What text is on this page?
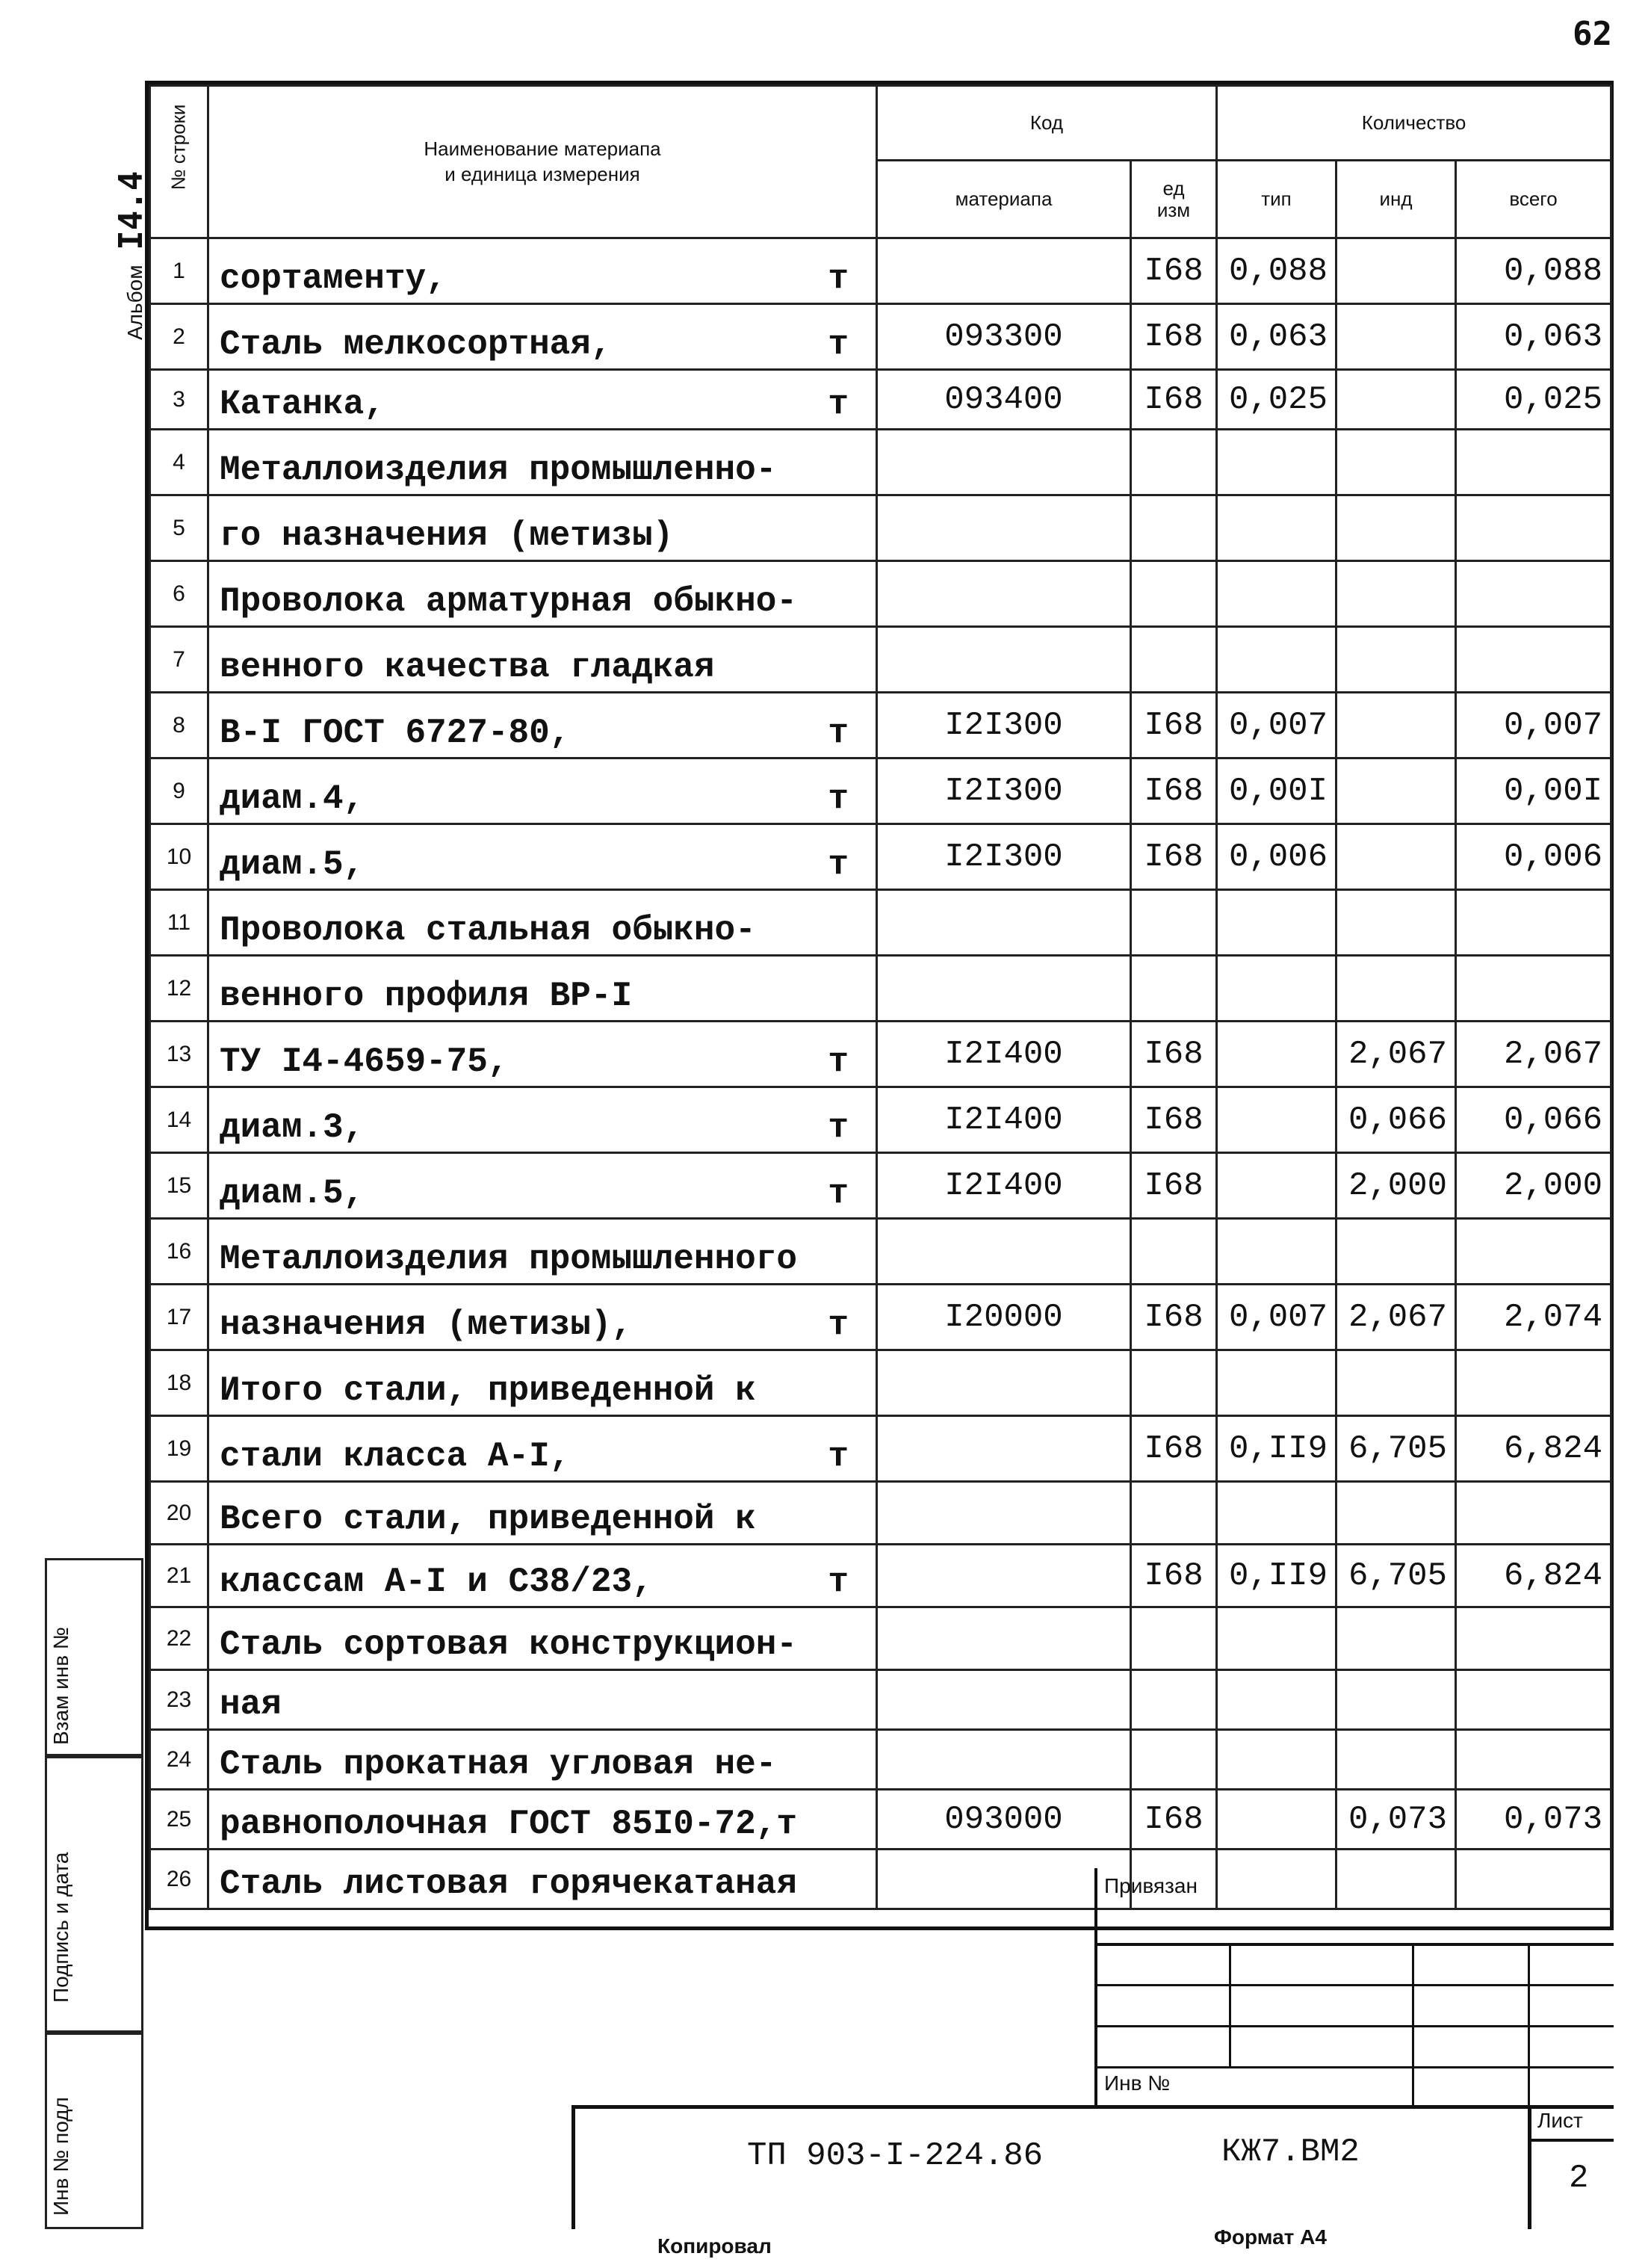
62
Альбом I4.4
№ строки	Наименование материапа
и единица измерения	Код		Количество		
		материапа	ед
изм	тип	инд	всего
1	сортаменту, т		I68	0,088		0,088
2	Сталь мелкосортная, т	093300	I68	0,063		0,063
3	Катанка, т	093400	I68	0,025		0,025
4	Металлоизделия промышленно-					

5	го назначения (метизы)					

6	Проволока арматурная обыкно-					

7	венного качества гладкая					

8	В-I ГОСТ 6727-80, т	I2I300	I68	0,007		0,007
9	диам.4, т	I2I300	I68	0,00I		0,00I
10	диам.5, т	I2I300	I68	0,006		0,006
11	Проволока стальная обыкно-					

12	венного профиля ВР-I					

13	ТУ I4-4659-75, т	I2I400	I68		2,067	2,067
14	диам.3, т	I2I400	I68		0,066	0,066
15	диам.5, т	I2I400	I68		2,000	2,000
16	Металлоизделия промышленного					

17	назначения (метизы), т	I20000	I68	0,007	2,067	2,074
18	Итого стали, приведенной к					

19	стали класса А-I, т		I68	0,II9	6,705	6,824
20	Всего стали, приведенной к					

21	классам А-I и С38/23, т		I68	0,II9	6,705	6,824
22	Сталь сортовая конструкцион-					

23	ная					

24	Сталь прокатная угловая не-					

25	равнополочная ГОСТ 85I0-72,т	093000	I68		0,073	0,073
26	Сталь листовая горячекатаная					

Взам инв №
Подпись и дата
Инв № подл
Привязан
Инв №
ТП 903-I-224.86	КЖ7.ВМ2
Лист
2
Копировал	Формат А4
